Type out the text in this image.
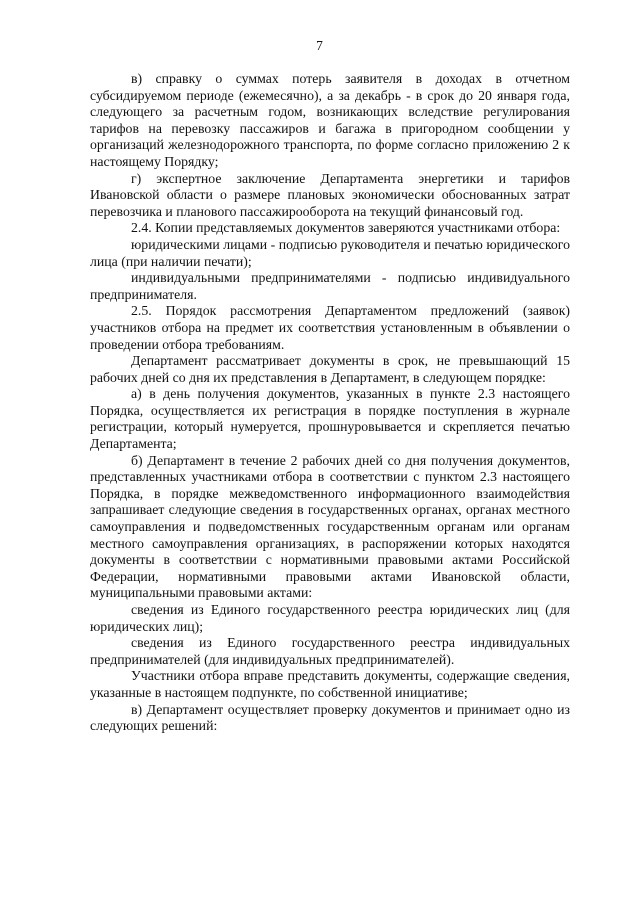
7

в) справку о суммах потерь заявителя в доходах в отчетном субсидируемом периоде (ежемесячно), а за декабрь - в срок до 20 января года, следующего за расчетным годом, возникающих вследствие регулирования тарифов на перевозку пассажиров и багажа в пригородном сообщении у организаций железнодорожного транспорта, по форме согласно приложению 2 к настоящему Порядку;

г) экспертное заключение Департамента энергетики и тарифов Ивановской области о размере плановых экономически обоснованных затрат перевозчика и планового пассажирооборота на текущий финансовый год.

2.4. Копии представляемых документов заверяются участниками отбора:

юридическими лицами - подписью руководителя и печатью юридического лица (при наличии печати);

индивидуальными предпринимателями - подписью индивидуального предпринимателя.

2.5. Порядок рассмотрения Департаментом предложений (заявок) участников отбора на предмет их соответствия установленным в объявлении о проведении отбора требованиям.

Департамент рассматривает документы в срок, не превышающий 15 рабочих дней со дня их представления в Департамент, в следующем порядке:

а) в день получения документов, указанных в пункте 2.3 настоящего Порядка, осуществляется их регистрация в порядке поступления в журнале регистрации, который нумеруется, прошнуровывается и скрепляется печатью Департамента;

б) Департамент в течение 2 рабочих дней со дня получения документов, представленных участниками отбора в соответствии с пунктом 2.3 настоящего Порядка, в порядке межведомственного информационного взаимодействия запрашивает следующие сведения в государственных органах, органах местного самоуправления и подведомственных государственным органам или органам местного самоуправления организациях, в распоряжении которых находятся документы в соответствии с нормативными правовыми актами Российской Федерации, нормативными правовыми актами Ивановской области, муниципальными правовыми актами:

сведения из Единого государственного реестра юридических лиц (для юридических лиц);

сведения из Единого государственного реестра индивидуальных предпринимателей (для индивидуальных предпринимателей).

Участники отбора вправе представить документы, содержащие сведения, указанные в настоящем подпункте, по собственной инициативе;

в) Департамент осуществляет проверку документов и принимает одно из следующих решений:
